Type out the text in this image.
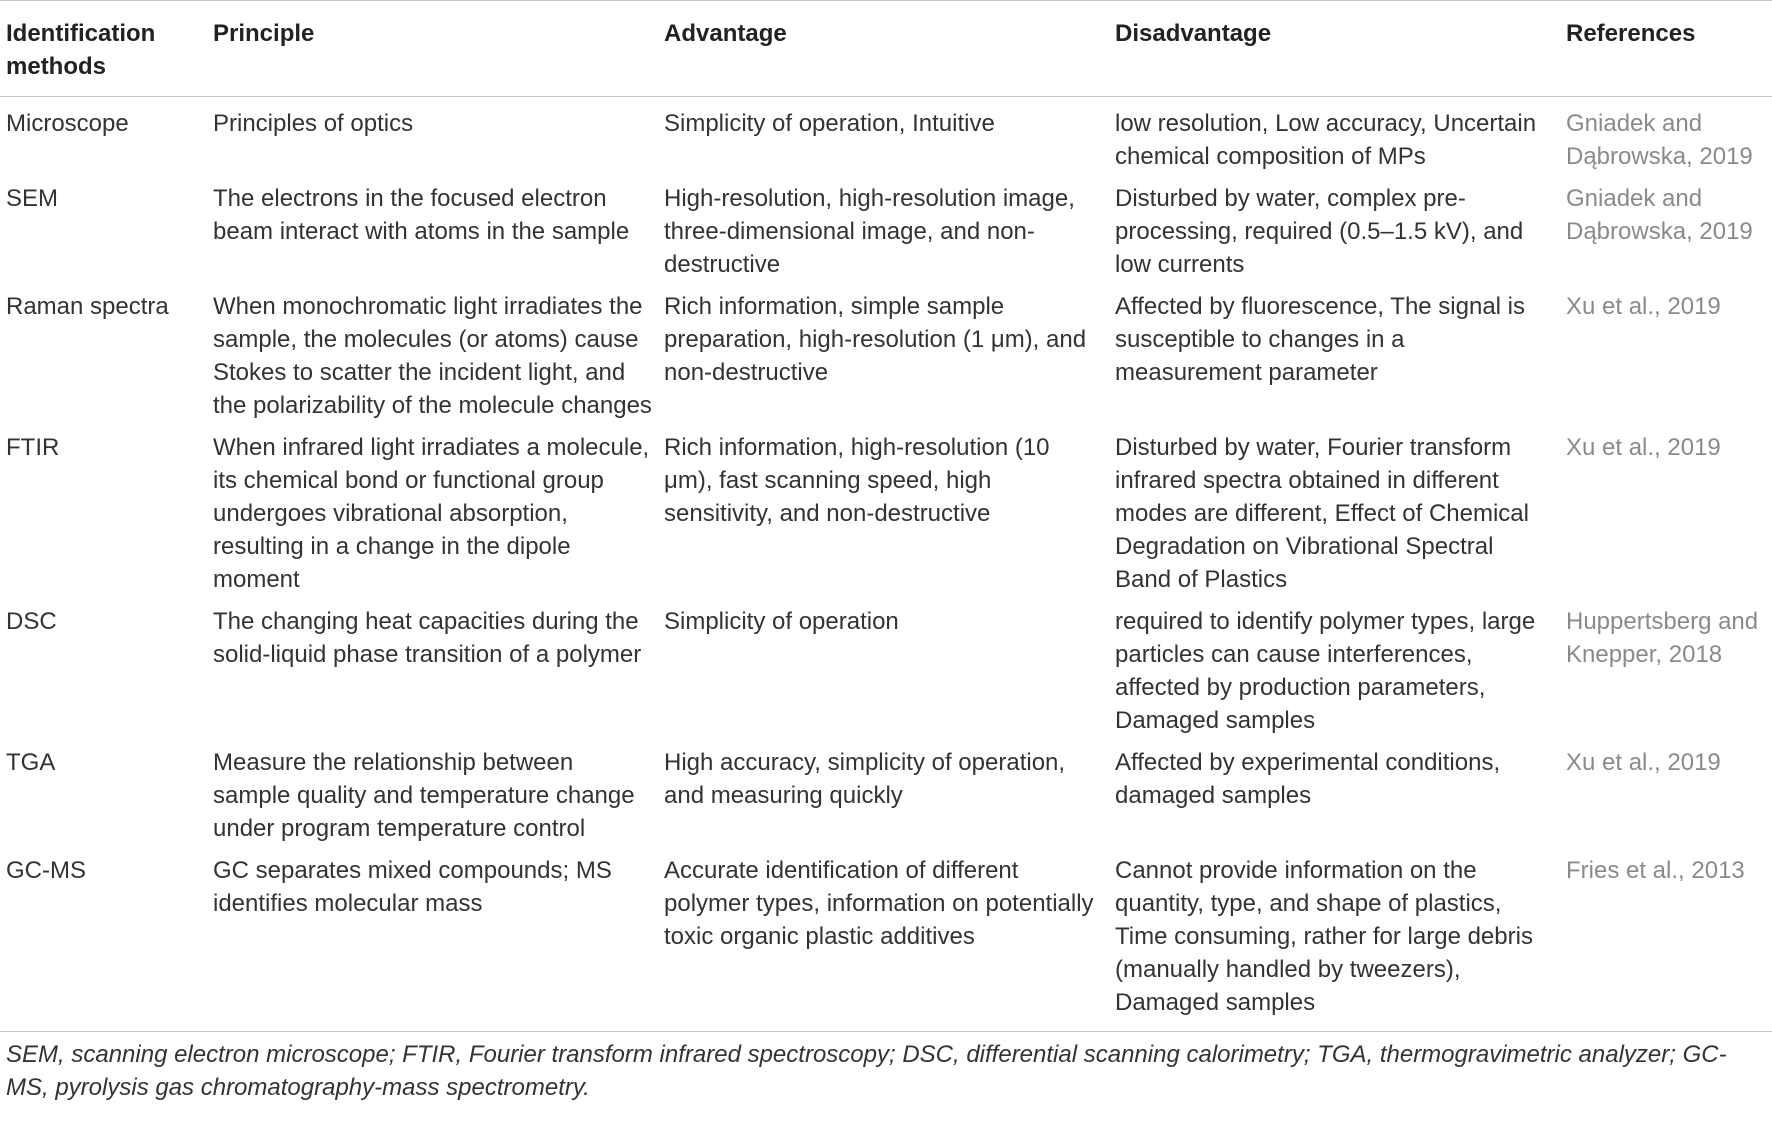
Identification methods	Principle	Advantage	Disadvantage	References
Microscope	Principles of optics	Simplicity of operation, Intuitive	low resolution, Low accuracy, Uncertain chemical composition of MPs	Gniadek and Dąbrowska, 2019
SEM	The electrons in the focused electron beam interact with atoms in the sample	High-resolution, high-resolution image, three-dimensional image, and non-destructive	Disturbed by water, complex pre-processing, required (0.5–1.5 kV), and low currents	Gniadek and Dąbrowska, 2019
Raman spectra	When monochromatic light irradiates the sample, the molecules (or atoms) cause Stokes to scatter the incident light, and the polarizability of the molecule changes	Rich information, simple sample preparation, high-resolution (1 μm), and non-destructive	Affected by fluorescence, The signal is susceptible to changes in a measurement parameter	Xu et al., 2019
FTIR	When infrared light irradiates a molecule, its chemical bond or functional group undergoes vibrational absorption, resulting in a change in the dipole moment	Rich information, high-resolution (10 μm), fast scanning speed, high sensitivity, and non-destructive	Disturbed by water, Fourier transform infrared spectra obtained in different modes are different, Effect of Chemical Degradation on Vibrational Spectral Band of Plastics	Xu et al., 2019
DSC	The changing heat capacities during the solid-liquid phase transition of a polymer	Simplicity of operation	required to identify polymer types, large particles can cause interferences, affected by production parameters, Damaged samples	Huppertsberg and Knepper, 2018
TGA	Measure the relationship between sample quality and temperature change under program temperature control	High accuracy, simplicity of operation, and measuring quickly	Affected by experimental conditions, damaged samples	Xu et al., 2019
GC-MS	GC separates mixed compounds; MS identifies molecular mass	Accurate identification of different polymer types, information on potentially toxic organic plastic additives	Cannot provide information on the quantity, type, and shape of plastics, Time consuming, rather for large debris (manually handled by tweezers), Damaged samples	Fries et al., 2013
SEM, scanning electron microscope; FTIR, Fourier transform infrared spectroscopy; DSC, differential scanning calorimetry; TGA, thermogravimetric analyzer; GC-MS, pyrolysis gas chromatography-mass spectrometry.
